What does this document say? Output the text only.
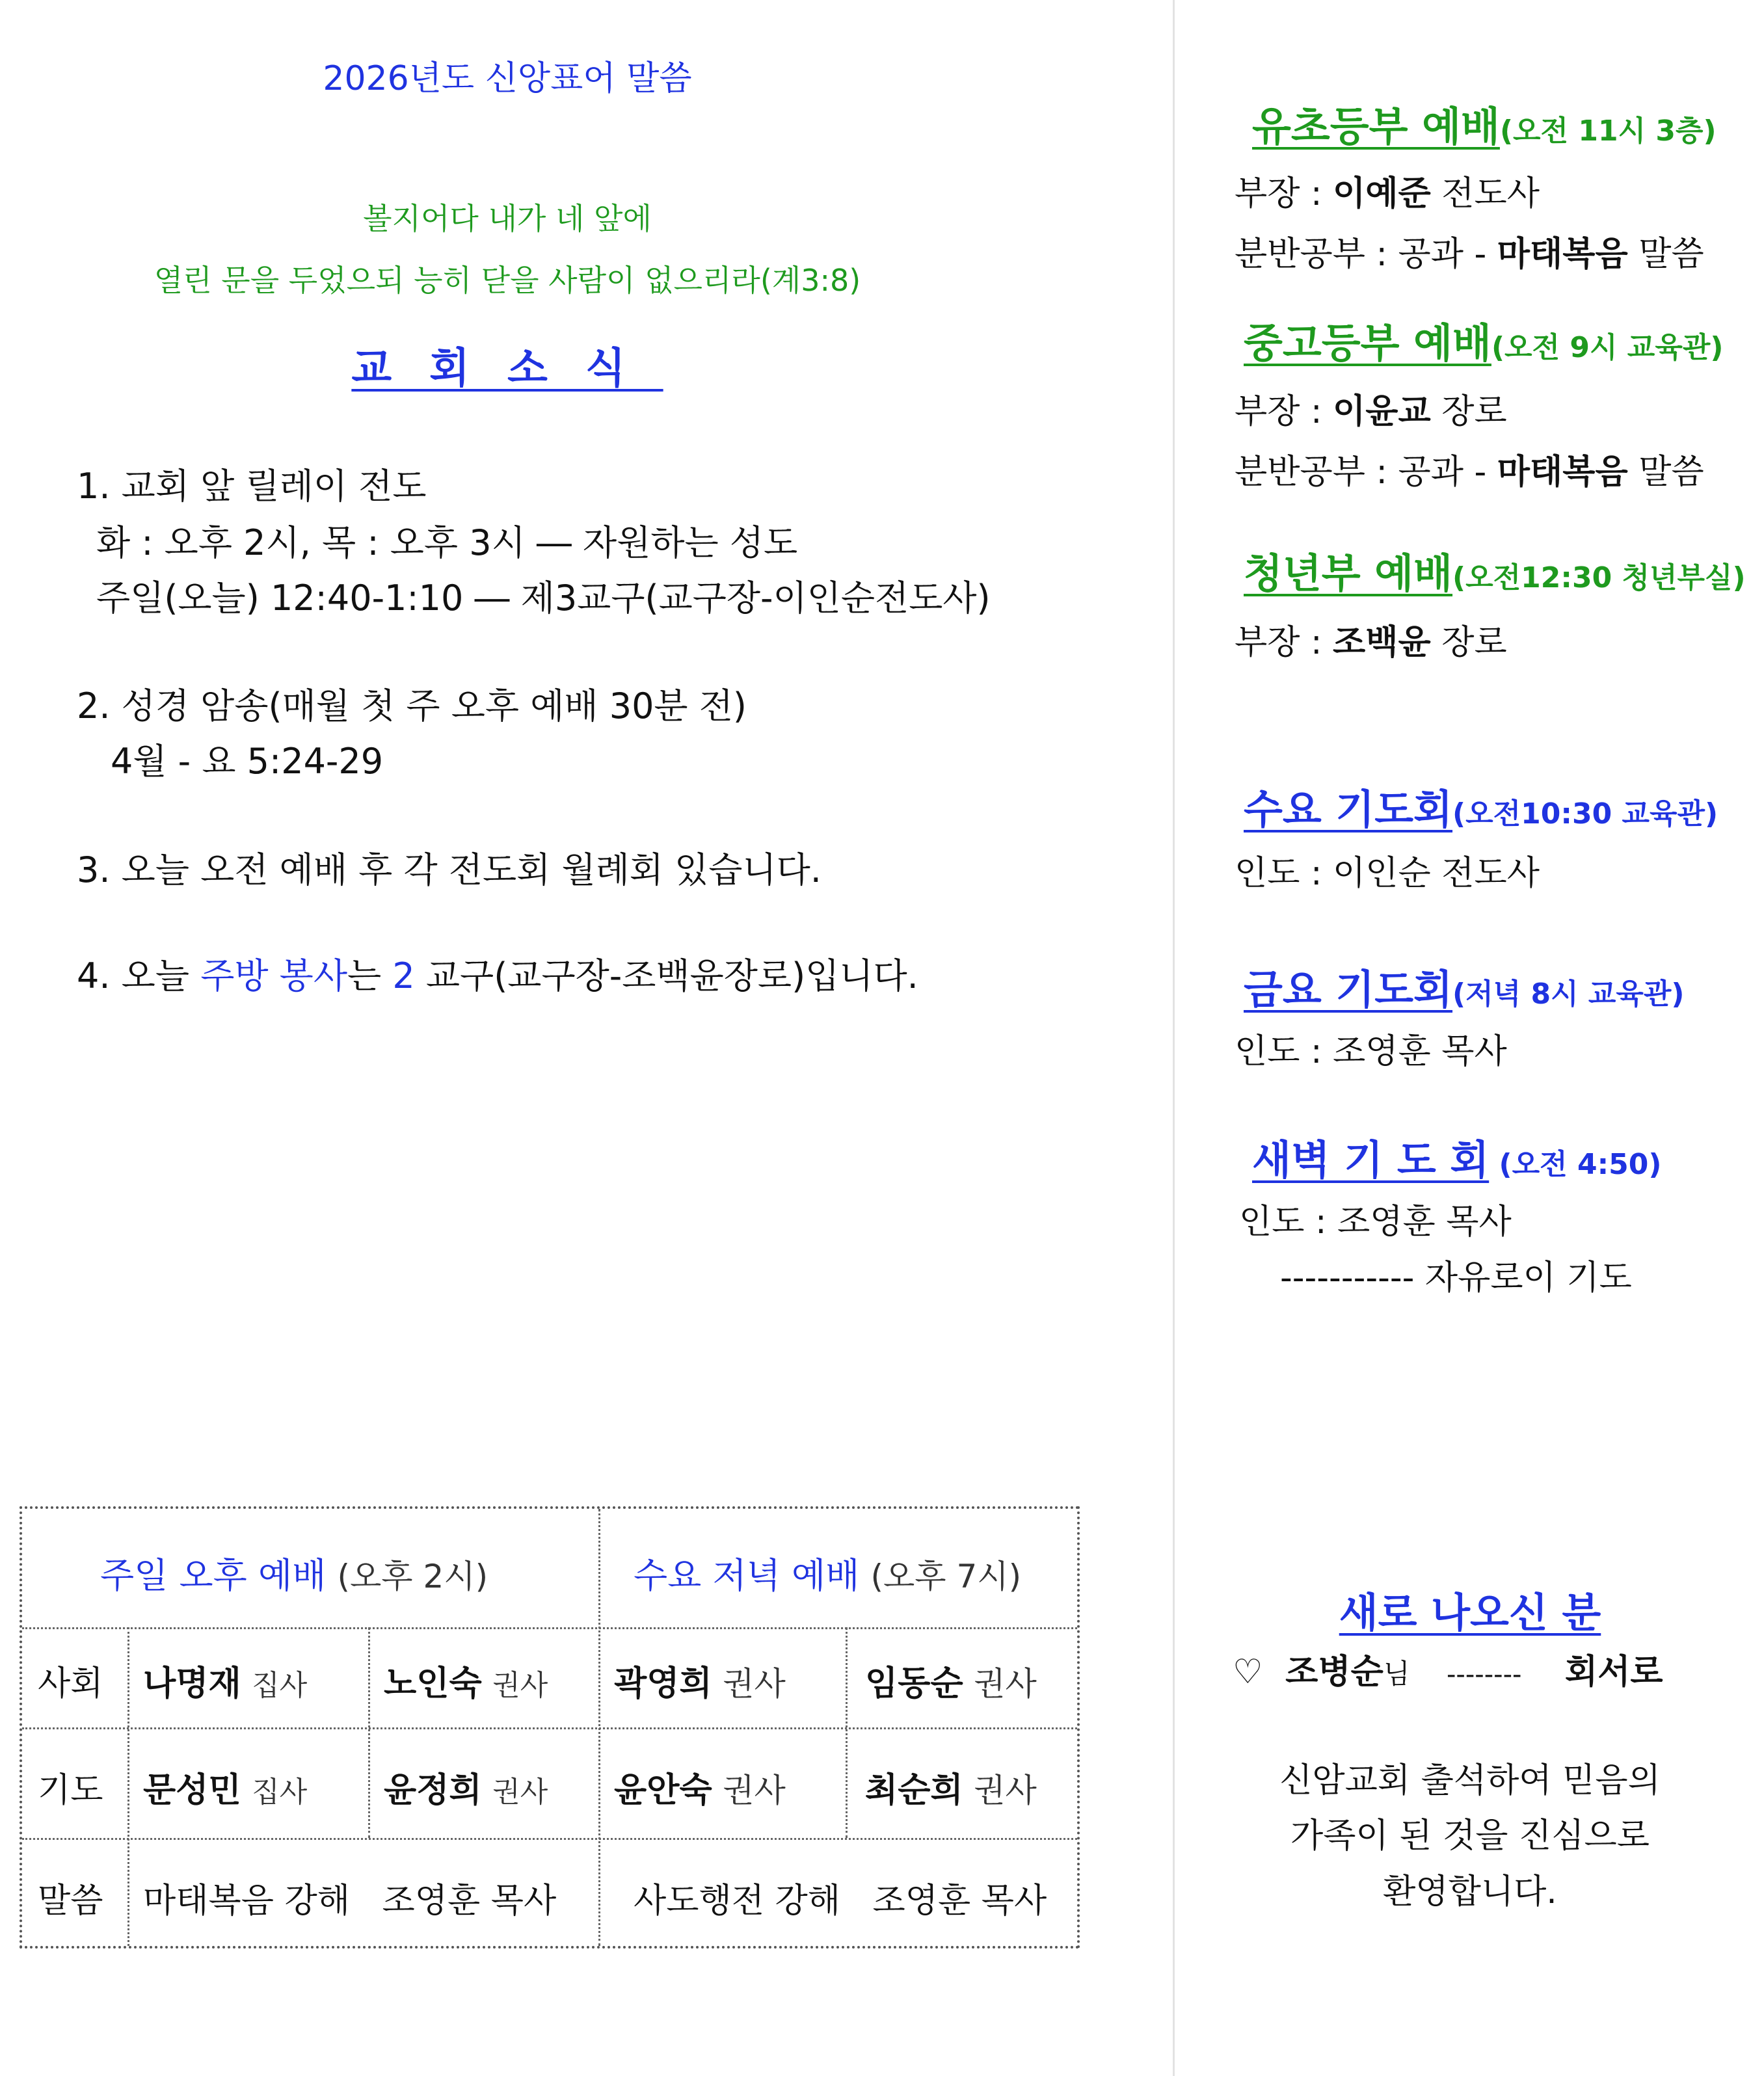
2026년도 신앙표어 말씀
볼지어다 내가 네 앞에
열린 문을 두었으되 능히 닫을 사람이 없으리라(계3:8)
교회소식
1. 교회 앞 릴레이 전도
화 : 오후 2시, 목 : 오후 3시 ― 자원하는 성도
주일(오늘) 12:40-1:10 ― 제3교구(교구장-이인순전도사)
2. 성경 암송(매월 첫 주 오후 예배 30분 전)
4월 - 요 5:24-29
3. 오늘 오전 예배 후 각 전도회 월례회 있습니다.
4. 오늘 주방 봉사는 2 교구(교구장-조백윤장로)입니다.
주일 오후 예배 (오후 2시)	수요 저녁 예배 (오후 7시)
사회 나명재 집사 노인숙 권사 곽영희 권사 임동순 권사
기도 문성민 집사 윤정희 권사 윤안숙 권사 최순희 권사
말씀 마태복음 강해   조영훈 목사 사도행전 강해   조영훈 목사
유초등부 예배(오전 11시 3층)
부장 : 이예준 전도사
분반공부 : 공과 - 마태복음 말씀
중고등부 예배(오전 9시 교육관)
부장 : 이윤교 장로
분반공부 : 공과 - 마태복음 말씀
청년부 예배(오전12:30 청년부실)
부장 : 조백윤 장로
수요 기도회(오전10:30 교육관)
인도 : 이인순 전도사
금요 기도회(저녁 8시 교육관)
인도 : 조영훈 목사
새벽 기 도 회 (오전 4:50)
인도 : 조영훈 목사
----------- 자유로이 기도
새로 나오신 분
♡ 조병순님 -------- 회서로
신암교회 출석하여 믿음의
가족이 된 것을 진심으로
환영합니다.
